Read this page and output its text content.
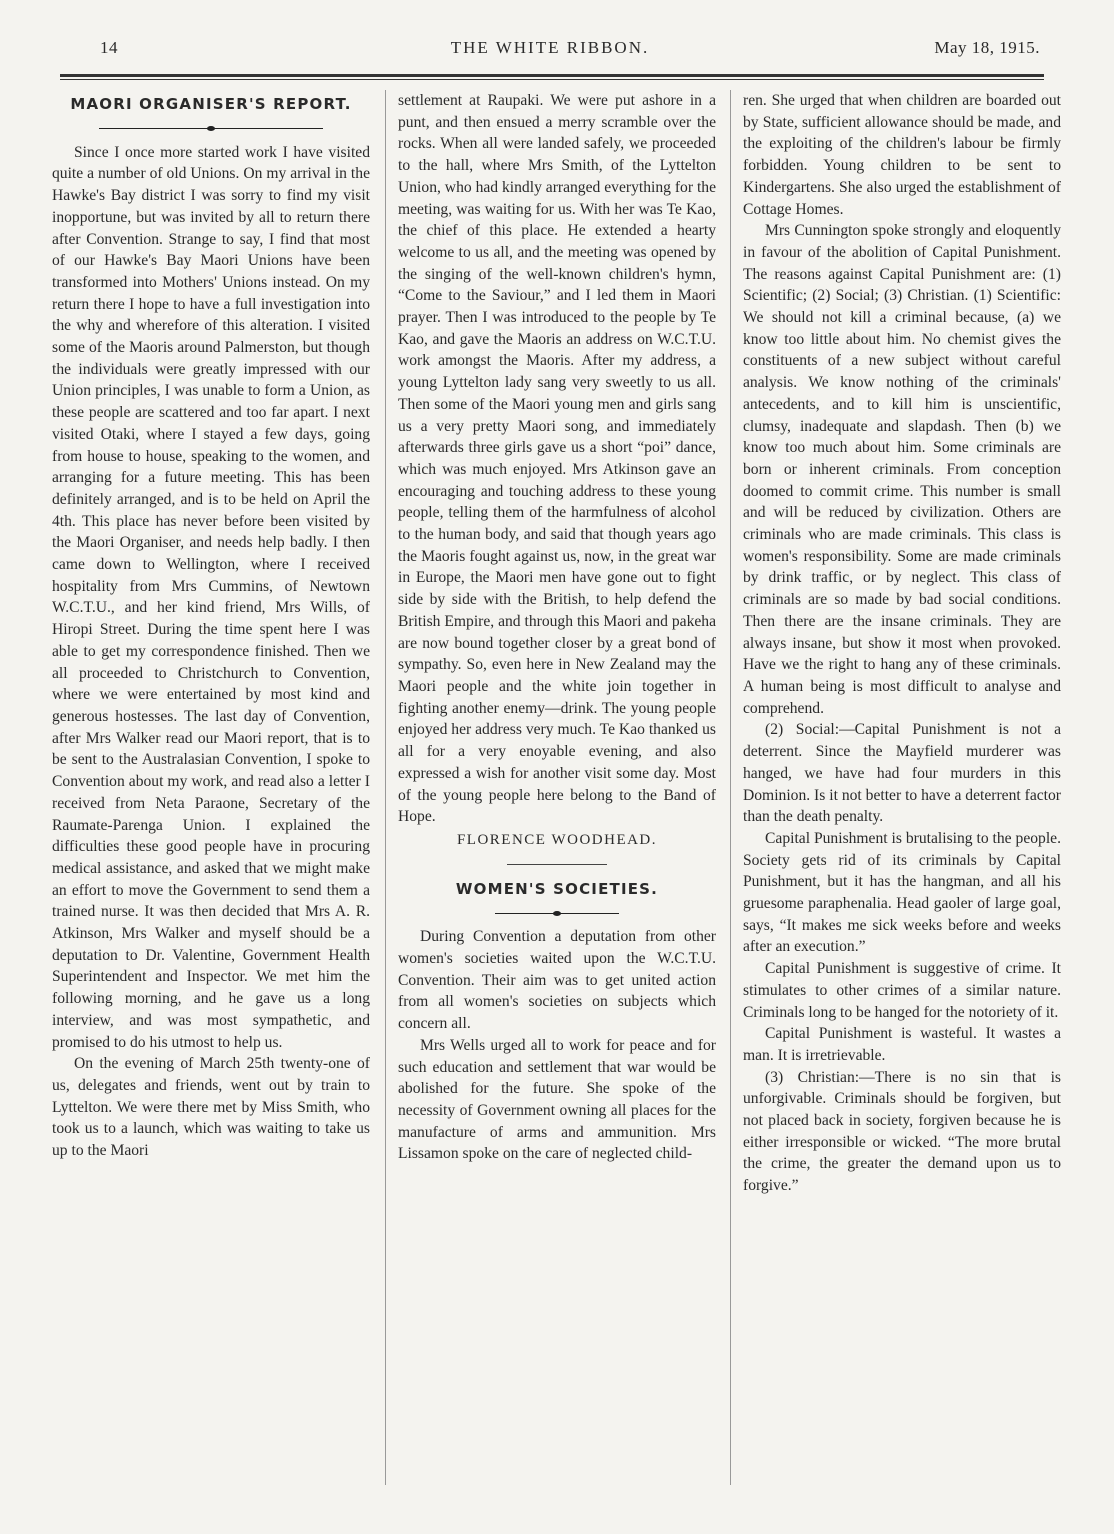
14	THE WHITE RIBBON.	May 18, 1915.
MAORI ORGANISER'S REPORT.

Since I once more started work I have visited quite a number of old Unions. On my arrival in the Hawke's Bay district I was sorry to find my visit inopportune, but was invited by all to return there after Convention. Strange to say, I find that most of our Hawke's Bay Maori Unions have been transformed into Mothers' Unions instead. On my return there I hope to have a full investigation into the why and wherefore of this alteration. I visited some of the Maoris around Palmerston, but though the individuals were greatly impressed with our Union principles, I was unable to form a Union, as these people are scattered and too far apart. I next visited Otaki, where I stayed a few days, going from house to house, speaking to the women, and arranging for a future meeting. This has been definitely arranged, and is to be held on April the 4th. This place has never before been visited by the Maori Organiser, and needs help badly. I then came down to Wellington, where I received hospitality from Mrs Cummins, of Newtown W.C.T.U., and her kind friend, Mrs Wills, of Hiropi Street. During the time spent here I was able to get my correspondence finished. Then we all proceeded to Christchurch to Convention, where we were entertained by most kind and generous hostesses. The last day of Convention, after Mrs Walker read our Maori report, that is to be sent to the Australasian Convention, I spoke to Convention about my work, and read also a letter I received from Neta Paraone, Secretary of the Raumate-Parenga Union. I explained the difficulties these good people have in procuring medical assistance, and asked that we might make an effort to move the Government to send them a trained nurse. It was then decided that Mrs A. R. Atkinson, Mrs Walker and myself should be a deputation to Dr. Valentine, Government Health Superintendent and Inspector. We met him the following morning, and he gave us a long interview, and was most sympathetic, and promised to do his utmost to help us.

On the evening of March 25th twenty-one of us, delegates and friends, went out by train to Lyttelton. We were there met by Miss Smith, who took us to a launch, which was waiting to take us up to the Maori

settlement at Raupaki. We were put ashore in a punt, and then ensued a merry scramble over the rocks. When all were landed safely, we proceeded to the hall, where Mrs Smith, of the Lyttelton Union, who had kindly arranged everything for the meeting, was waiting for us. With her was Te Kao, the chief of this place. He extended a hearty welcome to us all, and the meeting was opened by the singing of the well-known children's hymn, “Come to the Saviour,” and I led them in Maori prayer. Then I was introduced to the people by Te Kao, and gave the Maoris an address on W.C.T.U. work amongst the Maoris. After my address, a young Lyttelton lady sang very sweetly to us all. Then some of the Maori young men and girls sang us a very pretty Maori song, and immediately afterwards three girls gave us a short “poi” dance, which was much enjoyed. Mrs Atkinson gave an encouraging and touching address to these young people, telling them of the harmfulness of alcohol to the human body, and said that though years ago the Maoris fought against us, now, in the great war in Europe, the Maori men have gone out to fight side by side with the British, to help defend the British Empire, and through this Maori and pakeha are now bound together closer by a great bond of sympathy. So, even here in New Zealand may the Maori people and the white join together in fighting another enemy—drink. The young people enjoyed her address very much. Te Kao thanked us all for a very enoyable evening, and also expressed a wish for another visit some day. Most of the young people here belong to the Band of Hope.

FLORENCE WOODHEAD.
WOMEN'S SOCIETIES.

During Convention a deputation from other women's societies waited upon the W.C.T.U. Convention. Their aim was to get united action from all women's societies on subjects which concern all.

Mrs Wells urged all to work for peace and for such education and settlement that war would be abolished for the future. She spoke of the necessity of Government owning all places for the manufacture of arms and ammunition. Mrs Lissamon spoke on the care of neglected child-

ren. She urged that when children are boarded out by State, sufficient allowance should be made, and the exploiting of the children's labour be firmly forbidden. Young children to be sent to Kindergartens. She also urged the establishment of Cottage Homes.

Mrs Cunnington spoke strongly and eloquently in favour of the abolition of Capital Punishment. The reasons against Capital Punishment are: (1) Scientific; (2) Social; (3) Christian. (1) Scientific: We should not kill a criminal because, (a) we know too little about him. No chemist gives the constituents of a new subject without careful analysis. We know nothing of the criminals' antecedents, and to kill him is unscientific, clumsy, inadequate and slapdash. Then (b) we know too much about him. Some criminals are born or inherent criminals. From conception doomed to commit crime. This number is small and will be reduced by civilization. Others are criminals who are made criminals. This class is women's responsibility. Some are made criminals by drink traffic, or by neglect. This class of criminals are so made by bad social conditions. Then there are the insane criminals. They are always insane, but show it most when provoked. Have we the right to hang any of these criminals. A human being is most difficult to analyse and comprehend.

(2) Social:—Capital Punishment is not a deterrent. Since the Mayfield murderer was hanged, we have had four murders in this Dominion. Is it not better to have a deterrent factor than the death penalty.

Capital Punishment is brutalising to the people. Society gets rid of its criminals by Capital Punishment, but it has the hangman, and all his gruesome paraphenalia. Head gaoler of large goal, says, “It makes me sick weeks before and weeks after an execution.”

Capital Punishment is suggestive of crime. It stimulates to other crimes of a similar nature. Criminals long to be hanged for the notoriety of it.

Capital Punishment is wasteful. It wastes a man. It is irretrievable.

(3) Christian:—There is no sin that is unforgivable. Criminals should be forgiven, but not placed back in society, forgiven because he is either irresponsible or wicked. “The more brutal the crime, the greater the demand upon us to forgive.”
